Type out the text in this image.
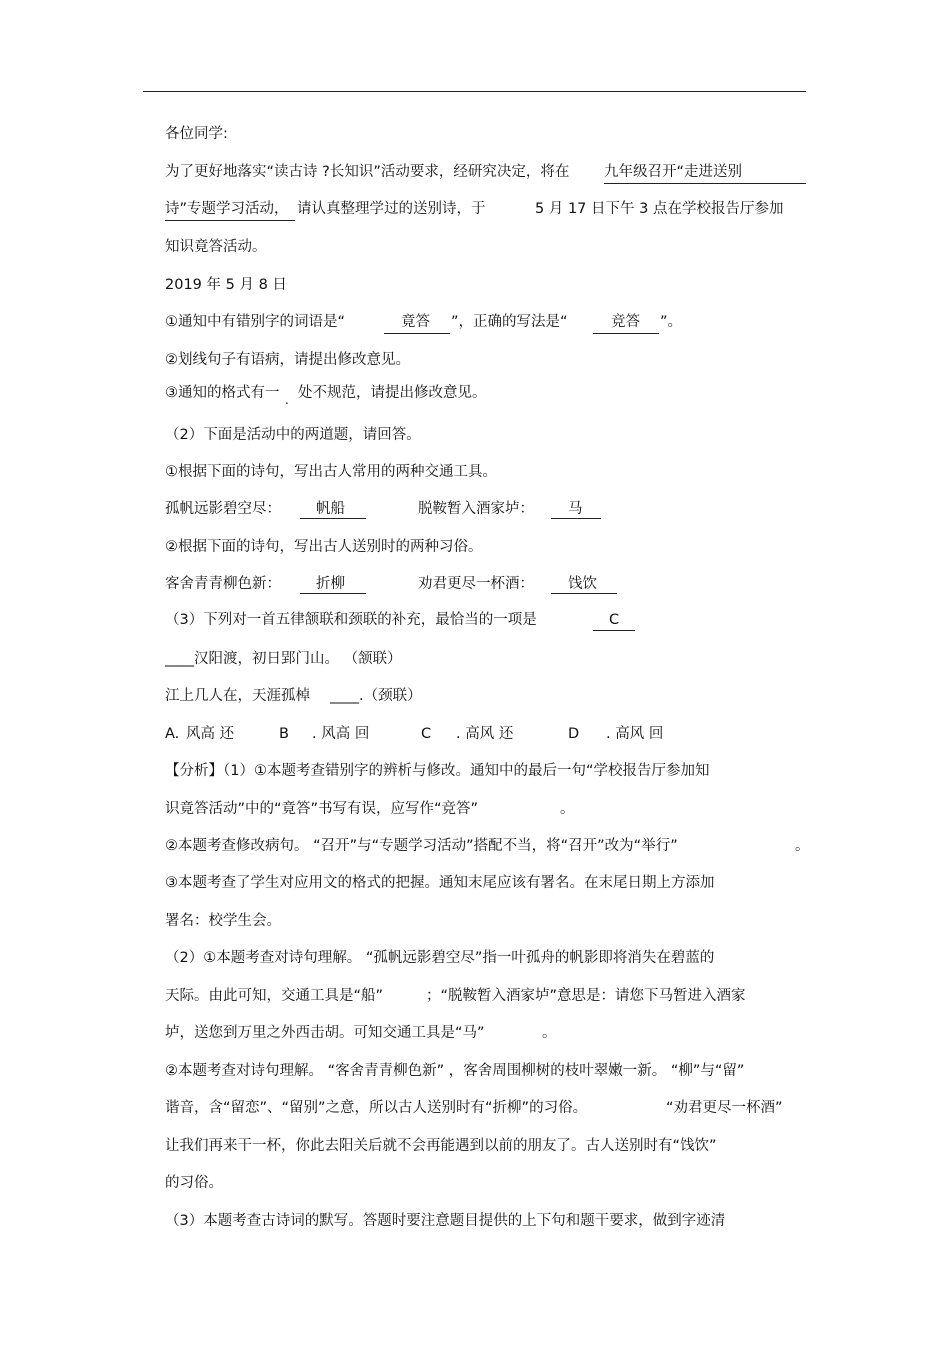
各位同学:
为了更好地落实“读古诗 ?长知识”活动要求，经研究决定，将在 九年级召开“走进送别
诗”专题学习活动， 请认真整理学过的送别诗，于	5 月 17 日下午 3 点在学校报告厅参加
知识竟答活动。
2019 年 5 月 8 日
①通知中有错别字的词语是“	竟答 ”，正确的写法是“	竞答 ”。
②划线句子有语病，请提出修改意见。
③通知的格式有一 . 处不规范，请提出修改意见。
（2）下面是活动中的两道题，请回答。
①根据下面的诗句，写出古人常用的两种交通工具。
孤帆远影碧空尽： 帆船	脱鞍暂入酒家垆： 马
②根据下面的诗句，写出古人送别时的两种习俗。
客舍青青柳色新： 折柳	劝君更尽一杯酒： 饯饮
（3）下列对一首五律颔联和颈联的补充，最恰当的一项是	C
____汉阳渡，初日郢门山。 （颔联）
江上几人在，天涯孤棹 ____.（颈联）
A. 风高 还	B . 风高 回	C . 高风 还	D . 高风 回
【分析】（1）①本题考查错别字的辨析与修改。通知中的最后一句“学校报告厅参加知
识竟答活动”中的“竟答”书写有误，应写作“竞答”	。
②本题考查修改病句。 “召开”与“专题学习活动”搭配不当，将“召开”改为“举行”	。
③本题考查了学生对应用文的格式的把握。通知末尾应该有署名。在末尾日期上方添加
署名：校学生会。
（2）①本题考查对诗句理解。 “孤帆远影碧空尽”指一叶孤舟的帆影即将消失在碧蓝的
天际。由此可知，交通工具是“船”	；“脱鞍暂入酒家垆”意思是：请您下马暂进入酒家
垆，送您到万里之外西击胡。可知交通工具是“马”	。
②本题考查对诗句理解。 “客舍青青柳色新” ，客舍周围柳树的枝叶翠嫩一新。 “柳”与“留”
谐音，含“留恋”、“留别”之意，所以古人送别时有“折柳”的习俗。	“劝君更尽一杯酒”
让我们再来干一杯，你此去阳关后就不会再能遇到以前的朋友了。古人送别时有“饯饮”
的习俗。
（3）本题考查古诗词的默写。答题时要注意题目提供的上下句和题干要求，做到字迹清
